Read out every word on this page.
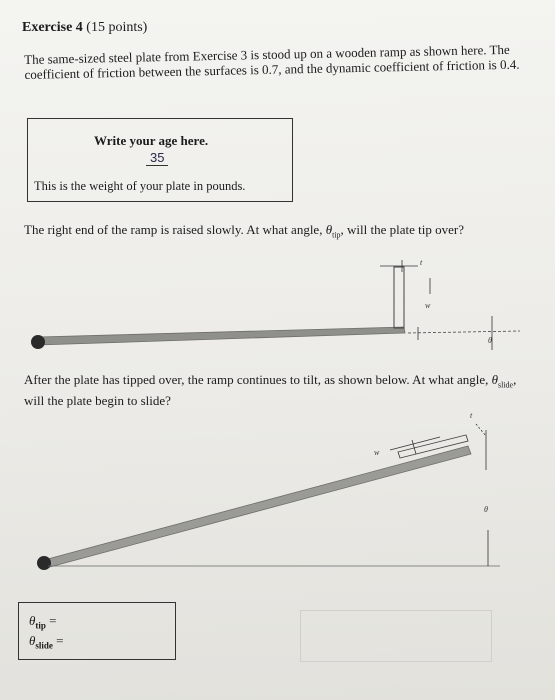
Exercise 4 (15 points)
The same-sized steel plate from Exercise 3 is stood up on a wooden ramp as shown here. The coefficient of friction between the surfaces is 0.7, and the dynamic coefficient of friction is 0.4.
Write your age here.
35
This is the weight of your plate in pounds.
The right end of the ramp is raised slowly. At what angle, $\theta_{tip}$, will the plate tip over?
After the plate has tipped over, the ramp continues to tilt, as shown below. At what angle, $\theta_{slide}$, will the plate begin to slide?
t
w
θ
t
w
θ
$\theta_{tip}$ =
$\theta_{slide}$ =
